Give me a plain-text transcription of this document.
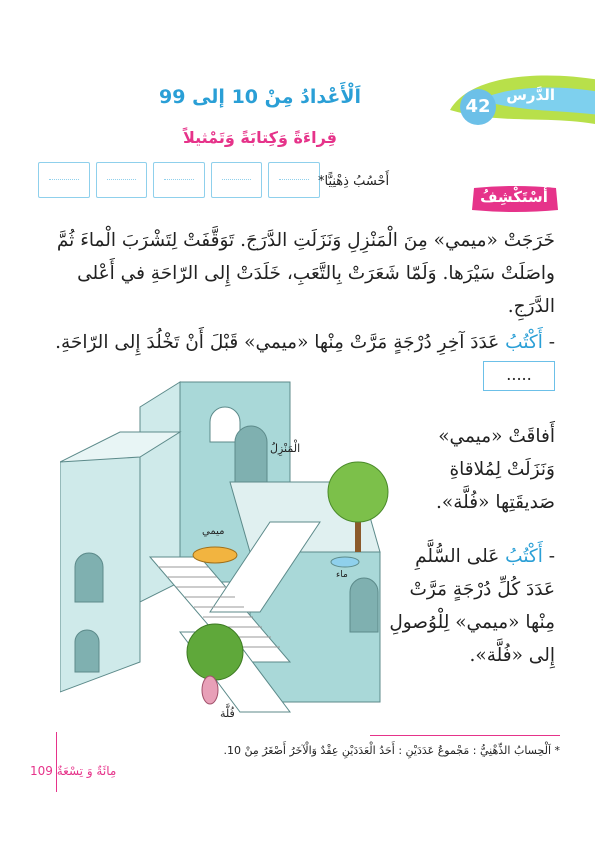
الدَّرس
42
اَلْأَعْدادُ مِنْ 10 إلى 99
قِراءَةً وَكِتابَةً وَتَمْثيلاً
أَحْسُبُ ذِهْنِيًّا*
أَسْتَكْشِفُ
خَرَجَتْ «ميمي» مِنَ الْمَنْزِلِ وَنَزَلَتِ الدَّرَجَ. تَوَقَّفَتْ لِتَشْرَبَ الْماءَ ثُمَّ واصَلَتْ سَيْرَها. وَلَمّا شَعَرَتْ بِالتَّعَبِ، خَلَدَتْ إِلى الرّاحَةِ في أَعْلى الدَّرَجِ.
- أَكْتُبُ عَدَدَ آخِرِ دُرْجَةٍ مَرَّتْ مِنْها «ميمي» قَبْلَ أَنْ تَخْلُدَ إِلى الرّاحَةِ. .....
أَفاقَتْ «ميمي» وَنَزَلَتْ لِمُلاقاةِ صَديقَتِها «فُلَّة».
- أَكْتُبُ عَلى السُّلَّمِ عَدَدَ كُلِّ دُرْجَةٍ مَرَّتْ مِنْها «ميمي» لِلْوُصولِ إِلى «فُلَّة».
الْمَنْزِلُ
ميمي
ماء
فُلَّة
* اَلْحِسابُ الذِّهْنِيُّ : مَجْموعُ عَدَدَيْنِ : أَحَدُ الْعَدَدَيْنِ عِقْدٌ وَالْآخَرُ أَصْغَرُ مِنْ 10.
مِائَةٌ وَ تِسْعَةٌ 109
